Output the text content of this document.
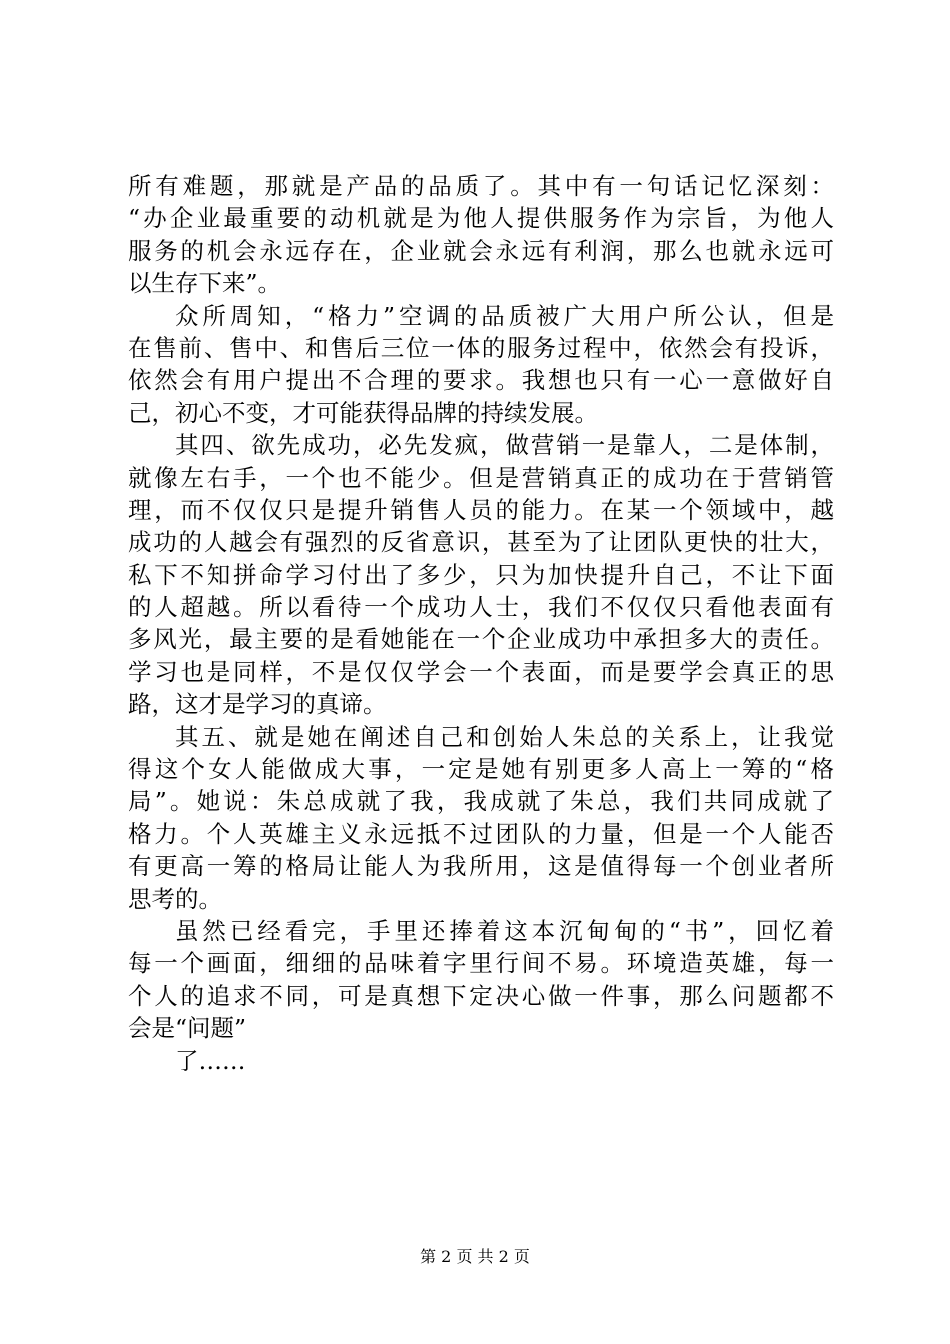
所有难题，那就是产品的品质了。其中有一句话记忆深刻：
“办企业最重要的动机就是为他人提供服务作为宗旨，为他人
服务的机会永远存在，企业就会永远有利润，那么也就永远可
以生存下来”。
众所周知，“格力”空调的品质被广大用户所公认，但是
在售前、售中、和售后三位一体的服务过程中，依然会有投诉，
依然会有用户提出不合理的要求。我想也只有一心一意做好自
己，初心不变，才可能获得品牌的持续发展。
其四、欲先成功，必先发疯，做营销一是靠人，二是体制，
就像左右手，一个也不能少。但是营销真正的成功在于营销管
理，而不仅仅只是提升销售人员的能力。在某一个领域中，越
成功的人越会有强烈的反省意识，甚至为了让团队更快的壮大，
私下不知拼命学习付出了多少，只为加快提升自己，不让下面
的人超越。所以看待一个成功人士，我们不仅仅只看他表面有
多风光，最主要的是看她能在一个企业成功中承担多大的责任。
学习也是同样，不是仅仅学会一个表面，而是要学会真正的思
路，这才是学习的真谛。
其五、就是她在阐述自己和创始人朱总的关系上，让我觉
得这个女人能做成大事，一定是她有别更多人高上一筹的“格
局”。她说：朱总成就了我，我成就了朱总，我们共同成就了
格力。个人英雄主义永远抵不过团队的力量，但是一个人能否
有更高一筹的格局让能人为我所用，这是值得每一个创业者所
思考的。
虽然已经看完，手里还捧着这本沉甸甸的“书”，回忆着
每一个画面，细细的品味着字里行间不易。环境造英雄，每一
个人的追求不同，可是真想下定决心做一件事，那么问题都不
会是“问题”
了……
第 2 页 共 2 页
